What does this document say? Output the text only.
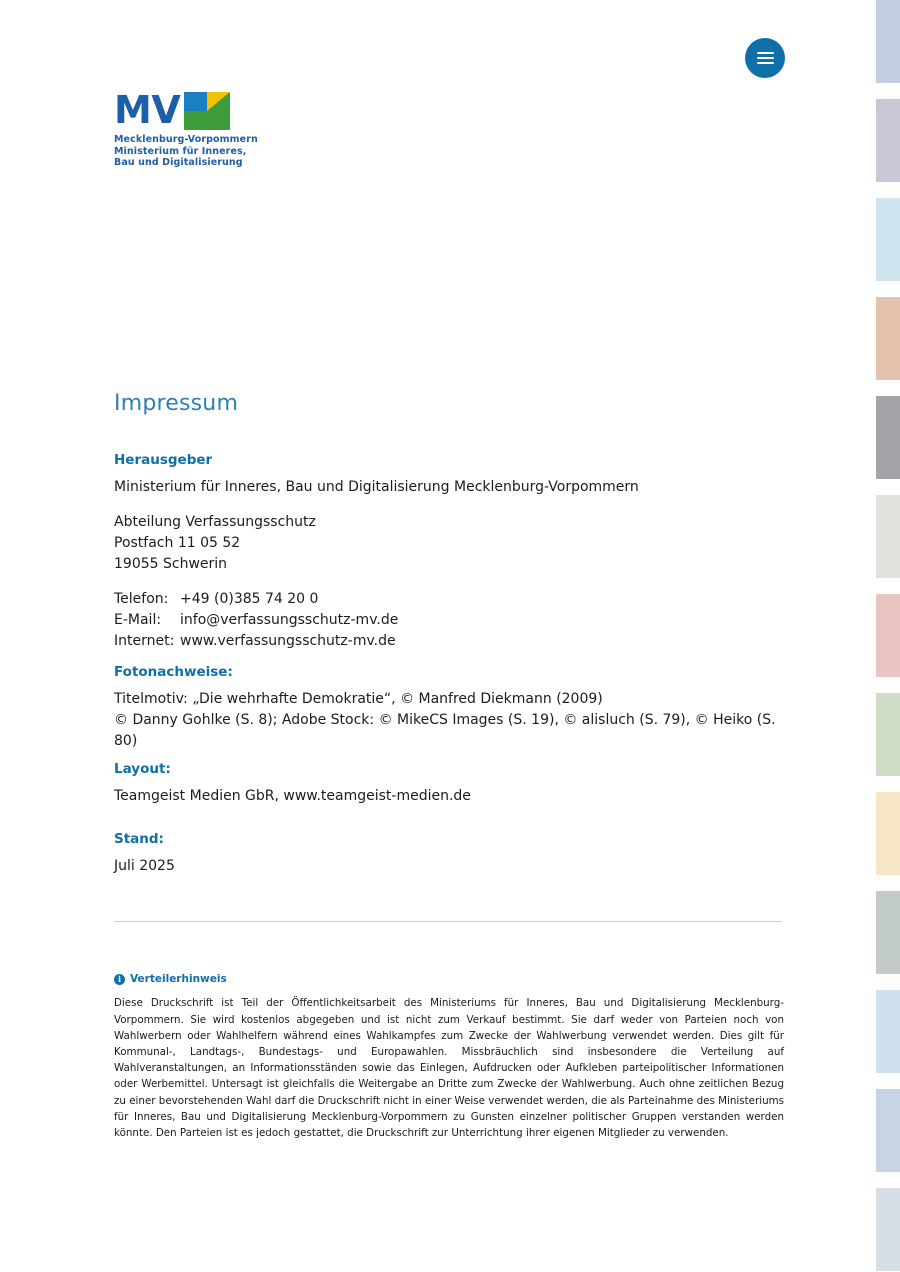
MV
Mecklenburg-Vorpommern
Ministerium für Inneres,
Bau und Digitalisierung
Impressum
Herausgeber
Ministerium für Inneres, Bau und Digitalisierung Mecklenburg-Vorpommern
Abteilung Verfassungsschutz
Postfach 11 05 52
19055 Schwerin
Telefon: +49 (0)385 74 20 0
E-Mail:	info@verfassungsschutz-mv.de
Internet: www.verfassungsschutz-mv.de
Fotonachweise:
Titelmotiv: „Die wehrhafte Demokratie“, © Manfred Diekmann (2009)
© Danny Gohlke (S. 8); Adobe Stock: © MikeCS Images (S. 19), © alisluch (S. 79), © Heiko (S. 80)
Layout:
Teamgeist Medien GbR, www.teamgeist-medien.de
Stand:
Juli 2025
i Verteilerhinweis

Diese Druckschrift ist Teil der Öffentlichkeitsarbeit des Ministeriums für Inneres, Bau und Digitalisierung Mecklenburg-Vorpommern. Sie wird kostenlos abgegeben und ist nicht zum Verkauf bestimmt. Sie darf weder von Parteien noch von Wahlwerbern oder Wahlhelfern während eines Wahlkampfes zum Zwecke der Wahlwerbung verwendet werden. Dies gilt für Kommunal-, Landtags-, Bundestags- und Europawahlen. Missbräuchlich sind insbesondere die Verteilung auf Wahlveranstaltungen, an Informationsständen sowie das Einlegen, Aufdrucken oder Aufkleben parteipolitischer Informationen oder Werbemittel. Untersagt ist gleichfalls die Weitergabe an Dritte zum Zwecke der Wahlwerbung. Auch ohne zeitlichen Bezug zu einer bevorstehenden Wahl darf die Druckschrift nicht in einer Weise verwendet werden, die als Parteinahme des Ministeriums für Inneres, Bau und Digitalisierung Mecklenburg-Vorpommern zu Gunsten einzelner politischer Gruppen verstanden werden könnte. Den Parteien ist es jedoch gestattet, die Druckschrift zur Unterrichtung ihrer eigenen Mitglieder zu verwenden.
